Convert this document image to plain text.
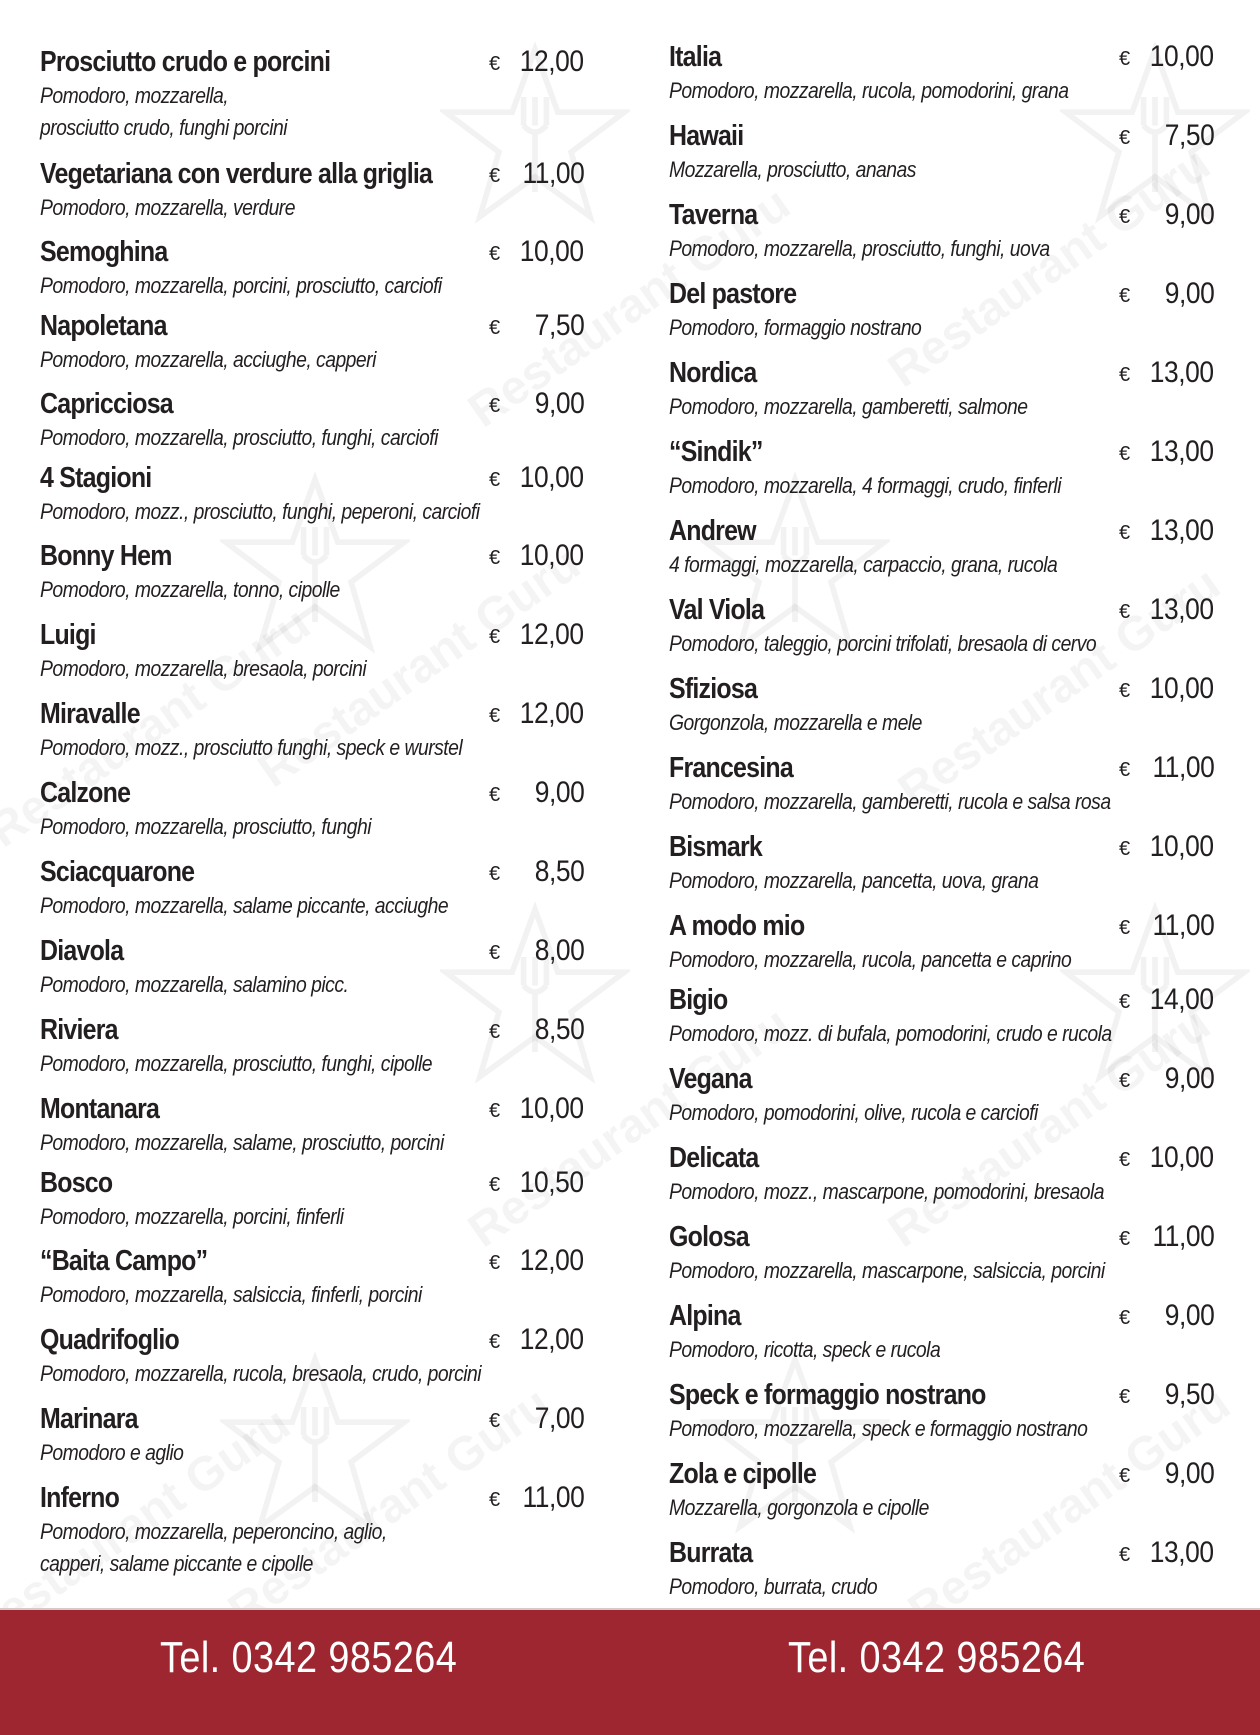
Prosciutto crudo e porcini	€ 12,00
Pomodoro, mozzarella,
prosciutto crudo, funghi porcini
Vegetariana con verdure alla griglia	€ 11,00
Pomodoro, mozzarella, verdure
Semoghina	€ 10,00
Pomodoro, mozzarella, porcini, prosciutto, carciofi
Napoletana	€ 7,50
Pomodoro, mozzarella, acciughe, capperi
Capricciosa	€ 9,00
Pomodoro, mozzarella, prosciutto, funghi, carciofi
4 Stagioni	€ 10,00
Pomodoro, mozz., prosciutto, funghi, peperoni, carciofi
Bonny Hem	€ 10,00
Pomodoro, mozzarella, tonno, cipolle
Luigi	€ 12,00
Pomodoro, mozzarella, bresaola, porcini
Miravalle	€ 12,00
Pomodoro, mozz., prosciutto funghi, speck e wurstel
Calzone	€ 9,00
Pomodoro, mozzarella, prosciutto, funghi
Sciacquarone	€ 8,50
Pomodoro, mozzarella, salame piccante, acciughe
Diavola	€ 8,00
Pomodoro, mozzarella, salamino picc.
Riviera	€ 8,50
Pomodoro, mozzarella, prosciutto, funghi, cipolle
Montanara	€ 10,00
Pomodoro, mozzarella, salame, prosciutto, porcini
Bosco	€ 10,50
Pomodoro, mozzarella, porcini, finferli
“Baita Campo”	€ 12,00
Pomodoro, mozzarella, salsiccia, finferli, porcini
Quadrifoglio	€ 12,00
Pomodoro, mozzarella, rucola, bresaola, crudo, porcini
Marinara	€ 7,00
Pomodoro e aglio
Inferno	€ 11,00
Pomodoro, mozzarella, peperoncino, aglio,
capperi, salame piccante e cipolle
Italia	€ 10,00
Pomodoro, mozzarella, rucola, pomodorini, grana
Hawaii	€ 7,50
Mozzarella, prosciutto, ananas
Taverna	€ 9,00
Pomodoro, mozzarella, prosciutto, funghi, uova
Del pastore	€ 9,00
Pomodoro, formaggio nostrano
Nordica	€ 13,00
Pomodoro, mozzarella, gamberetti, salmone
“Sindik”	€ 13,00
Pomodoro, mozzarella, 4 formaggi, crudo, finferli
Andrew	€ 13,00
4 formaggi, mozzarella, carpaccio, grana, rucola
Val Viola	€ 13,00
Pomodoro, taleggio, porcini trifolati, bresaola di cervo
Sfiziosa	€ 10,00
Gorgonzola, mozzarella e mele
Francesina	€ 11,00
Pomodoro, mozzarella, gamberetti, rucola e salsa rosa
Bismark	€ 10,00
Pomodoro, mozzarella, pancetta, uova, grana
A modo mio	€ 11,00
Pomodoro, mozzarella, rucola, pancetta e caprino
Bigio	€ 14,00
Pomodoro, mozz. di bufala, pomodorini, crudo e rucola
Vegana	€ 9,00
Pomodoro, pomodorini, olive, rucola e carciofi
Delicata	€ 10,00
Pomodoro, mozz., mascarpone, pomodorini, bresaola
Golosa	€ 11,00
Pomodoro, mozzarella, mascarpone, salsiccia, porcini
Alpina	€ 9,00
Pomodoro, ricotta, speck e rucola
Speck e formaggio nostrano	€ 9,50
Pomodoro, mozzarella, speck e formaggio nostrano
Zola e cipolle	€ 9,00
Mozzarella, gorgonzola e cipolle
Burrata	€ 13,00
Pomodoro, burrata, crudo
Tel. 0342 985264	Tel. 0342 985264
